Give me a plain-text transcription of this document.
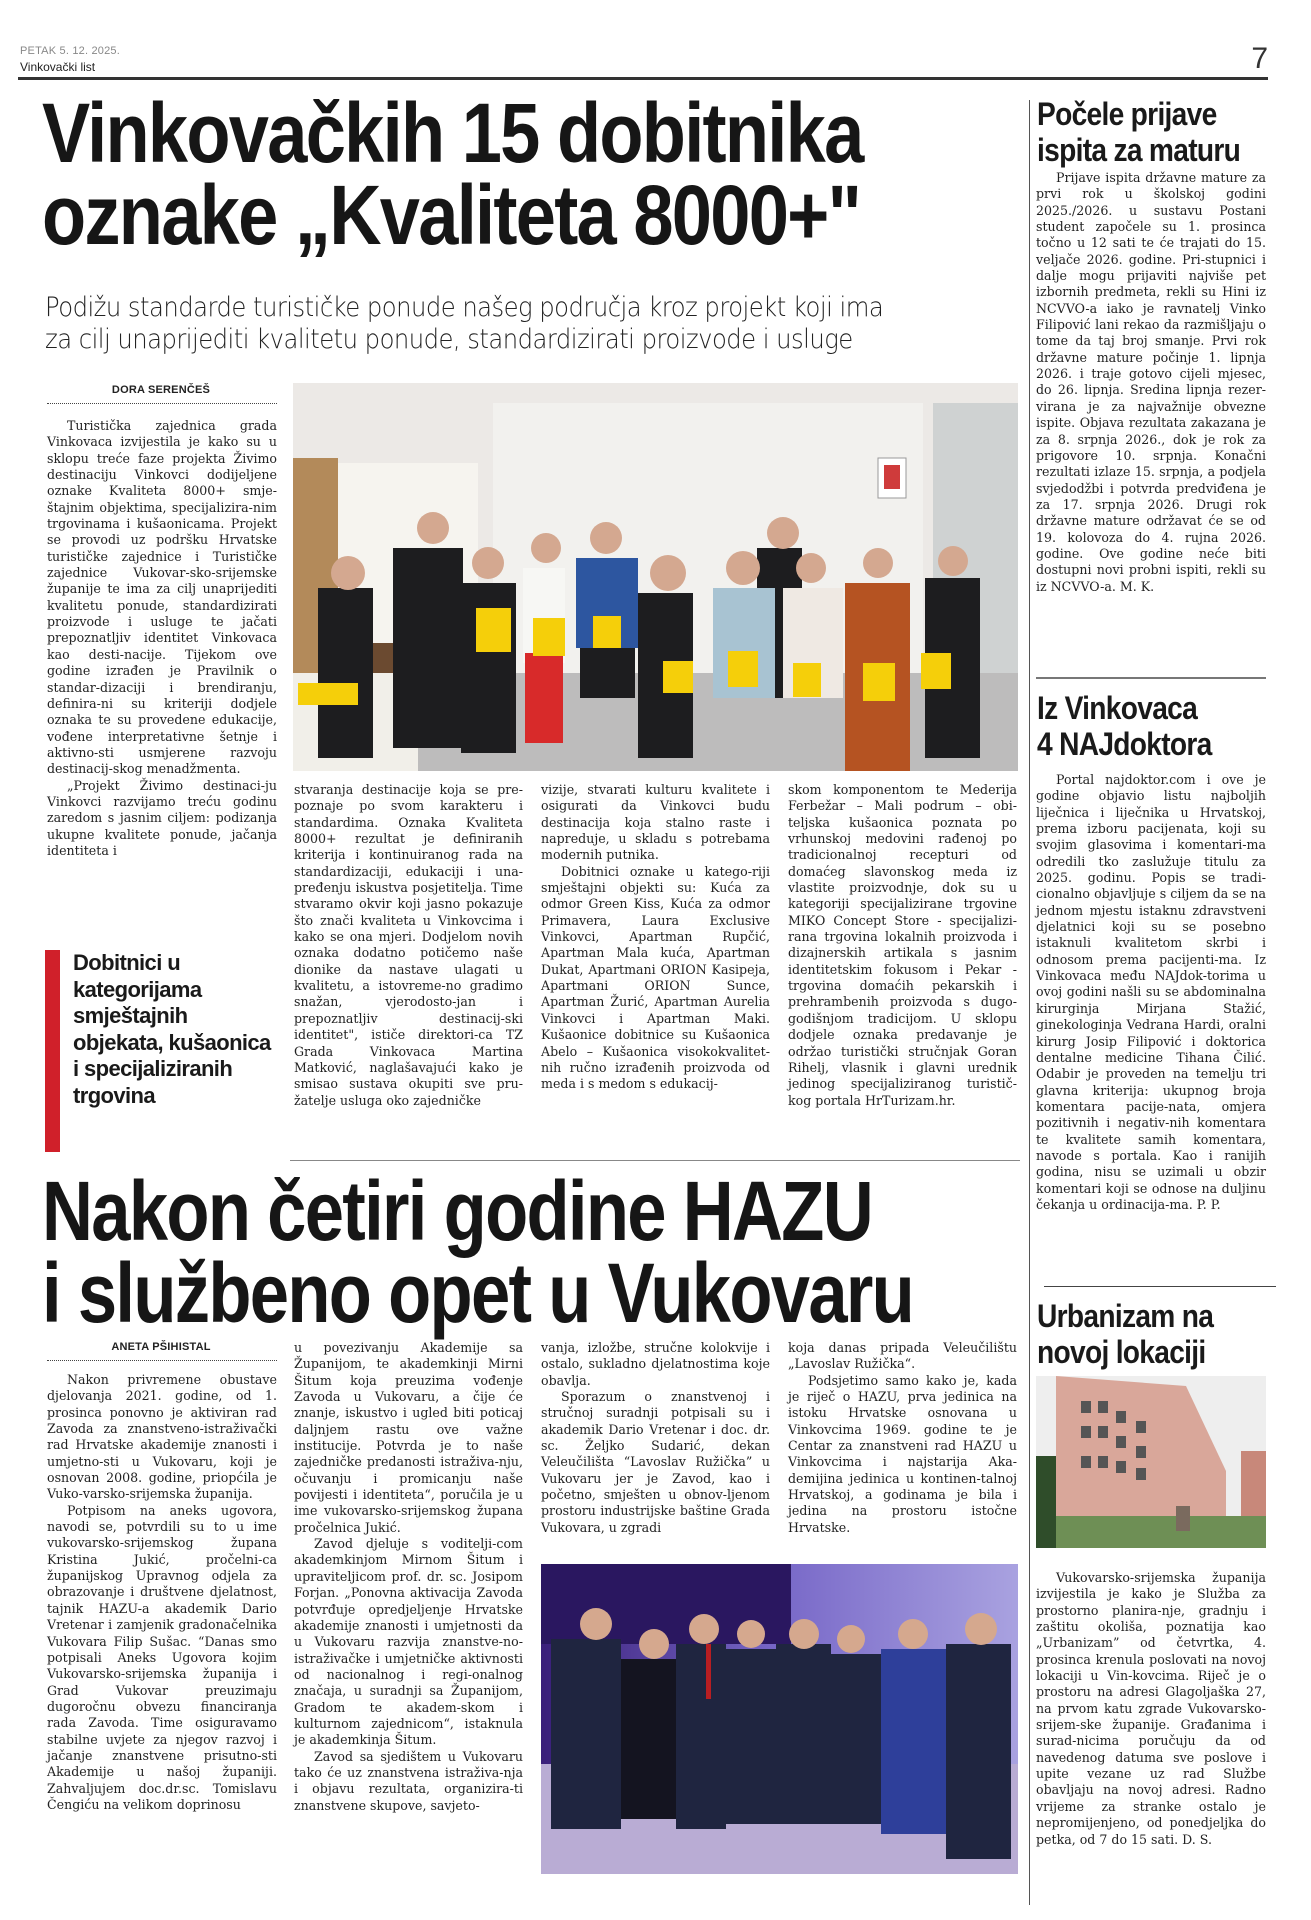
PETAK 5. 12. 2025.
Vinkovački list	7
Vinkovačkih 15 dobitnika
oznake „Kvaliteta 8000+"
Podižu standarde turističke ponude našeg područja kroz projekt koji ima
za cilj unaprijediti kvalitetu ponude, standardizirati proizvode i usluge
DORA SERENČEŠ

Turistička zajednica grada Vinkovaca izvijestila je kako su u sklopu treće faze projekta Živimo destinaciju Vinkovci dodijeljene oznake Kvaliteta 8000+ smje-štajnim objektima, specijalizira-nim trgovinama i kušaonicama. Projekt se provodi uz podršku Hrvatske turističke zajednice i Turističke zajednice Vukovar-sko-srijemske županije te ima za cilj unaprijediti kvalitetu ponude, standardizirati proizvode i usluge te jačati prepoznatljiv identitet Vinkovaca kao desti-nacije. Tijekom ove godine izrađen je Pravilnik o standar-dizaciji i brendiranju, definira-ni su kriteriji dodjele oznaka te su provedene edukacije, vođene interpretativne šetnje i aktivno-sti usmjerene razvoju destinacij-skog menadžmenta.

„Projekt Živimo destinaci-ju Vinkovci razvijamo treću godinu zaredom s jasnim ciljem: podizanja ukupne kvalitete ponude, jačanja identiteta i

Dobitnici u kategorijama smještajnih objekata, kušaonica i specijaliziranih trgovina

stvaranja destinacije koja se pre-poznaje po svom karakteru i standardima. Oznaka Kvaliteta 8000+ rezultat je definiranih kriterija i kontinuiranog rada na standardizaciji, edukaciji i una-pređenju iskustva posjetitelja. Time stvaramo okvir koji jasno pokazuje što znači kvaliteta u Vinkovcima i kako se ona mjeri. Dodjelom novih oznaka dodatno potičemo naše dionike da nastave ulagati u kvalitetu, a istovreme-no gradimo snažan, vjerodosto-jan i prepoznatljiv destinacij-ski identitet", ističe direktori-ca TZ Grada Vinkovaca Martina Matković, naglašavajući kako je smisao sustava okupiti sve pru-žatelje usluga oko zajedničke

vizije, stvarati kulturu kvalitete i osigurati da Vinkovci budu destinacija koja stalno raste i napreduje, u skladu s potrebama modernih putnika.

Dobitnici oznake u katego-riji smještajni objekti su: Kuća za odmor Green Kiss, Kuća za odmor Primavera, Laura Exclusive Vinkovci, Apartman Rupčić, Apartman Mala kuća, Apartman Dukat, Apartmani ORION Kasipeja, Apartmani ORION Sunce, Apartman Žurić, Apartman Aurelia Vinkovci i Apartman Maki. Kušaonice dobitnice su Kušaonica Abelo – Kušaonica visokokvalitet-nih ručno izrađenih proizvoda od meda i s medom s edukacij-

skom komponentom te Mederija Ferbežar – Mali podrum – obi-teljska kušaonica poznata po vrhunskoj medovini rađenoj po tradicionalnoj recepturi od domaćeg slavonskog meda iz vlastite proizvodnje, dok su u kategoriji specijalizirane trgovine MIKO Concept Store - specijalizi-rana trgovina lokalnih proizvoda i dizajnerskih artikala s jasnim identitetskim fokusom i Pekar - trgovina domaćih pekarskih i prehrambenih proizvoda s dugo-godišnjom tradicijom. U sklopu dodjele oznaka predavanje je održao turistički stručnjak Goran Rihelj, vlasnik i glavni urednik jedinog specijaliziranog turistič-kog portala HrTurizam.hr.

Nakon četiri godine HAZU
i službeno opet u Vukovaru
ANETA PŠIHISTAL

Nakon privremene obustave djelovanja 2021. godine, od 1. prosinca ponovno je aktiviran rad Zavoda za znanstveno-istraživački rad Hrvatske akademije znanosti i umjetno-sti u Vukovaru, koji je osnovan 2008. godine, priopćila je Vuko-varsko-srijemska županija.

Potpisom na aneks ugovora, navodi se, potvrdili su to u ime vukovarsko-srijemskog župana Kristina Jukić, pročelni-ca županijskog Upravnog odjela za obrazovanje i društvene djelatnost, tajnik HAZU-a akademik Dario Vretenar i zamjenik gradonačelnika Vukovara Filip Sušac. “Danas smo potpisali Aneks Ugovora kojim Vukovarsko-srijemska županija i Grad Vukovar preuzimaju dugoročnu obvezu financiranja rada Zavoda. Time osiguravamo stabilne uvjete za njegov razvoj i jačanje znanstvene prisutno-sti Akademije u našoj županiji. Zahvaljujem doc.dr.sc. Tomislavu Čengiću na velikom doprinosu

u povezivanju Akademije sa Županijom, te akademkinji Mirni Šitum koja preuzima vođenje Zavoda u Vukovaru, a čije će znanje, iskustvo i ugled biti poticaj daljnjem rastu ove važne institucije. Potvrda je to naše zajedničke predanosti istraživa-nju, očuvanju i promicanju naše povijesti i identiteta“, poručila je u ime vukovarsko-srijemskog župana pročelnica Jukić.

Zavod djeluje s voditelji-com akademkinjom Mirnom Šitum i upraviteljicom prof. dr. sc. Josipom Forjan. „Ponovna aktivacija Zavoda potvrđuje opredjeljenje Hrvatske akademije znanosti i umjetnosti da u Vukovaru razvija znanstve-no-istraživačke i umjetničke aktivnosti od nacionalnog i regi-onalnog značaja, u suradnji sa Županijom, Gradom te akadem-skom i kulturnom zajednicom“, istaknula je akademkinja Šitum.

Zavod sa sjedištem u Vukovaru tako će uz znanstvena istraživa-nja i objavu rezultata, organizira-ti znanstvene skupove, savjeto-

vanja, izložbe, stručne kolokvije i ostalo, sukladno djelatnostima koje obavlja.

Sporazum o znanstvenoj i stručnoj suradnji potpisali su i akademik Dario Vretenar i doc. dr. sc. Željko Sudarić, dekan Veleučilišta “Lavoslav Ružička” u Vukovaru jer je Zavod, kao i početno, smješten u obnov-ljenom prostoru industrijske baštine Grada Vukovara, u zgradi

koja danas pripada Veleučilištu „Lavoslav Ružička“.

Podsjetimo samo kako je, kada je riječ o HAZU, prva jedinica na istoku Hrvatske osnovana u Vinkovcima 1969. godine te je Centar za znanstveni rad HAZU u Vinkovcima i najstarija Aka-demijina jedinica u kontinen-talnoj Hrvatskoj, a godinama je bila i jedina na prostoru istočne Hrvatske.

Počele prijave
ispita za maturu

Prijave ispita državne mature za prvi rok u školskoj godini 2025./2026. u sustavu Postani student započele su 1. prosinca točno u 12 sati te će trajati do 15. veljače 2026. godine. Pri-stupnici i dalje mogu prijaviti najviše pet izbornih predmeta, rekli su Hini iz NCVVO-a iako je ravnatelj Vinko Filipović lani rekao da razmišljaju o tome da taj broj smanje. Prvi rok državne mature počinje 1. lipnja 2026. i traje gotovo cijeli mjesec, do 26. lipnja. Sredina lipnja rezer-virana je za najvažnije obvezne ispite. Objava rezultata zakazana je za 8. srpnja 2026., dok je rok za prigovore 10. srpnja. Konačni rezultati izlaze 15. srpnja, a podjela svjedodžbi i potvrda predviđena je za 17. srpnja 2026. Drugi rok državne mature održavat će se od 19. kolovoza do 4. rujna 2026. godine. Ove godine neće biti dostupni novi probni ispiti, rekli su iz NCVVO-a. M. K.

Iz Vinkovaca
4 NAJdoktora

Portal najdoktor.com i ove je godine objavio listu najboljih liječnica i liječnika u Hrvatskoj, prema izboru pacijenata, koji su svojim glasovima i komentari-ma odredili tko zaslužuje titulu za 2025. godinu. Popis se tradi-cionalno objavljuje s ciljem da se na jednom mjestu istaknu zdravstveni djelatnici koji su se posebno istaknuli kvalitetom skrbi i odnosom prema pacijenti-ma. Iz Vinkovaca među NAJdok-torima u ovoj godini našli su se abdominalna kirurginja Mirjana Stažić, ginekologinja Vedrana Hardi, oralni kirurg Josip Filipović i doktorica dentalne medicine Tihana Čilić. Odabir je proveden na temelju tri glavna kriterija: ukupnog broja komentara pacije-nata, omjera pozitivnih i negativ-nih komentara te kvalitete samih komentara, navode s portala. Kao i ranijih godina, nisu se uzimali u obzir komentari koji se odnose na duljinu čekanja u ordinacija-ma. P. P.

Urbanizam na
novoj lokaciji

Vukovarsko-srijemska županija izvijestila je kako je Služba za prostorno planira-nje, gradnju i zaštitu okoliša, poznatija kao „Urbanizam” od četvrtka, 4. prosinca krenula poslovati na novoj lokaciji u Vin-kovcima. Riječ je o prostoru na adresi Glagoljaška 27, na prvom katu zgrade Vukovarsko-srijem-ske županije. Građanima i surad-nicima poručuju da od navedenog datuma sve poslove i upite vezane uz rad Službe obavljaju na novoj adresi. Radno vrijeme za stranke ostalo je nepromijenjeno, od ponedjeljka do petka, od 7 do 15 sati. D. S.
